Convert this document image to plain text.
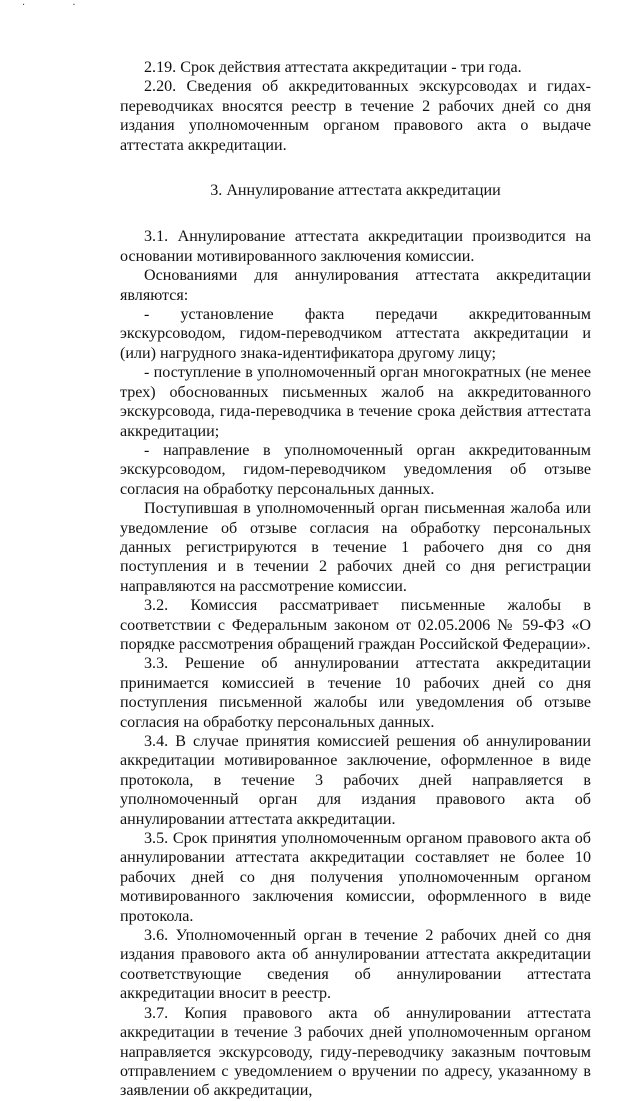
· ·

2.19. Срок действия аттестата аккредитации - три года.

2.20. Сведения об аккредитованных экскурсоводах и гидах-переводчиках вносятся реестр в течение 2 рабочих дней со дня издания уполномоченным органом правового акта о выдаче аттестата аккредитации.

3. Аннулирование аттестата аккредитации

3.1. Аннулирование аттестата аккредитации производится на основании мотивированного заключения комиссии.

Основаниями для аннулирования аттестата аккредитации являются:

- установление факта передачи аккредитованным экскурсоводом, гидом-переводчиком аттестата аккредитации и (или) нагрудного знака-идентификатора другому лицу;

- поступление в уполномоченный орган многократных (не менее трех) обоснованных письменных жалоб на аккредитованного экскурсовода, гида-переводчика в течение срока действия аттестата аккредитации;

- направление в уполномоченный орган аккредитованным экскурсоводом, гидом-переводчиком уведомления об отзыве согласия на обработку персональных данных.

Поступившая в уполномоченный орган письменная жалоба или уведомление об отзыве согласия на обработку персональных данных регистрируются в течение 1 рабочего дня со дня поступления и в течении 2 рабочих дней со дня регистрации направляются на рассмотрение комиссии.

3.2. Комиссия рассматривает письменные жалобы в соответствии с Федеральным законом от 02.05.2006 № 59-ФЗ «О порядке рассмотрения обращений граждан Российской Федерации».

3.3. Решение об аннулировании аттестата аккредитации принимается комиссией в течение 10 рабочих дней со дня поступления письменной жалобы или уведомления об отзыве согласия на обработку персональных данных.

3.4. В случае принятия комиссией решения об аннулировании аккредитации мотивированное заключение, оформленное в виде протокола, в течение 3 рабочих дней направляется в уполномоченный орган для издания правового акта об аннулировании аттестата аккредитации.

3.5. Срок принятия уполномоченным органом правового акта об аннулировании аттестата аккредитации составляет не более 10 рабочих дней со дня получения уполномоченным органом мотивированного заключения комиссии, оформленного в виде протокола.

3.6. Уполномоченный орган в течение 2 рабочих дней со дня издания правового акта об аннулировании аттестата аккредитации соответствующие сведения об аннулировании аттестата аккредитации вносит в реестр.

3.7. Копия правового акта об аннулировании аттестата аккредитации в течение 3 рабочих дней уполномоченным органом направляется экскурсоводу, гиду-переводчику заказным почтовым отправлением с уведомлением о вручении по адресу, указанному в заявлении об аккредитации,
